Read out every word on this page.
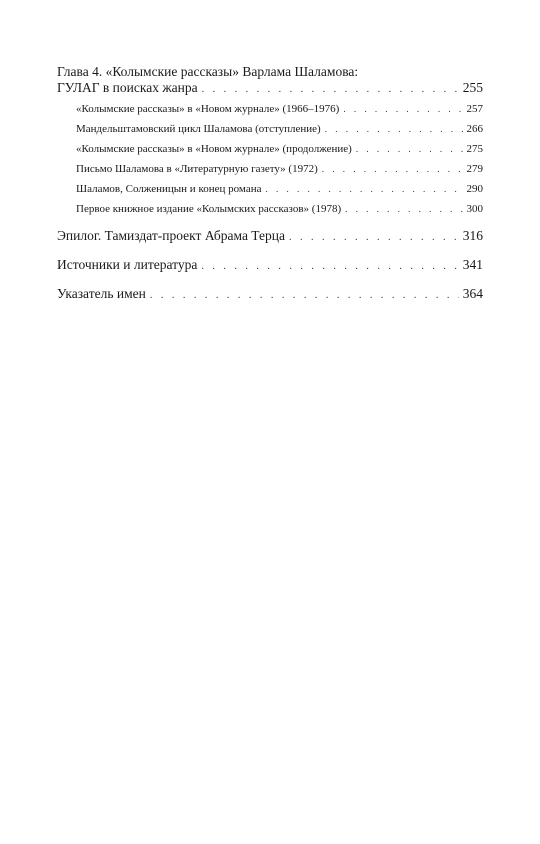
Глава 4. «Колымские рассказы» Варлама Шаламова:
ГУЛАГ в поисках жанра . . .	255
«Колымские рассказы» в «Новом журнале» (1966–1976) . . .	257
Мандельштамовский цикл Шаламова (отступление) . . .	266
«Колымские рассказы» в «Новом журнале» (продолжение) . . .	275
Письмо Шаламова в «Литературную газету» (1972) . . .	279
Шаламов, Солженицын и конец романа . . .	290
Первое книжное издание «Колымских рассказов» (1978) . . .	300
Эпилог. Тамиздат-проект Абрама Терца . . .	316
Источники и литература . . .	341
Указатель имен . . .	364
